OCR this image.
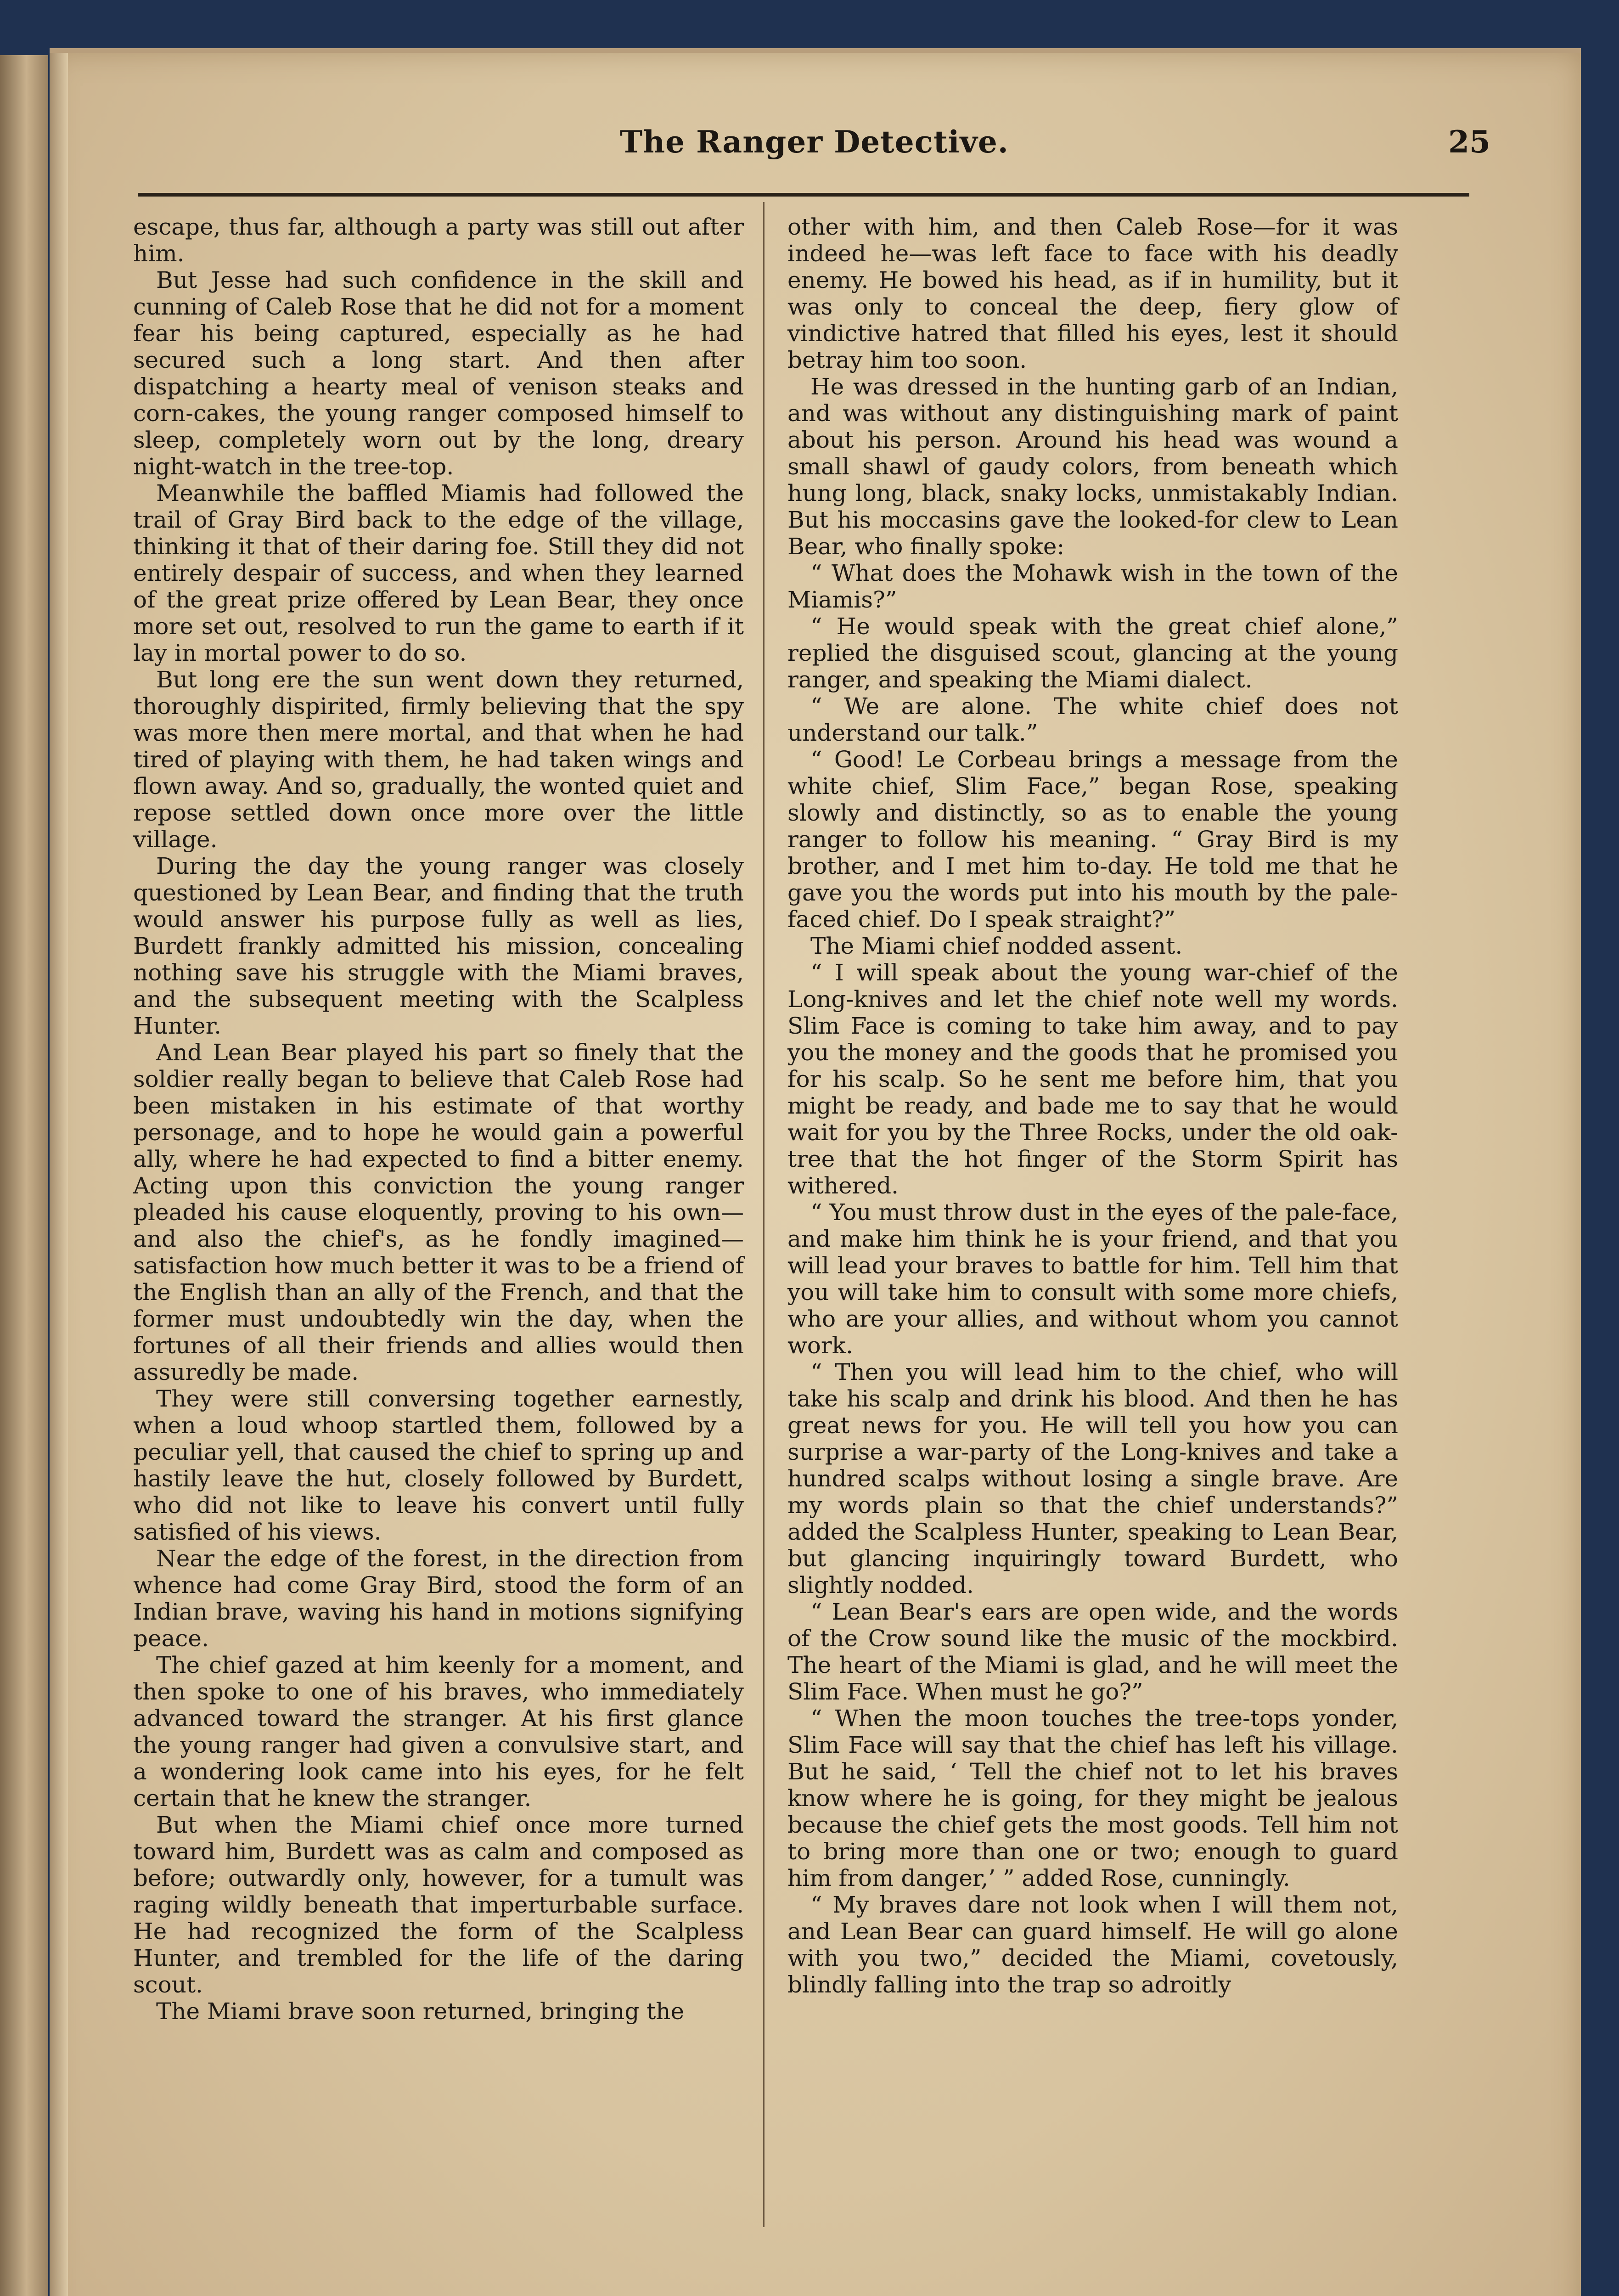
The Ranger Detective.	25

escape, thus far, although a party was still out after him.

But Jesse had such confidence in the skill and cunning of Caleb Rose that he did not for a moment fear his being captured, especially as he had secured such a long start. And then after dispatching a hearty meal of venison steaks and corn-cakes, the young ranger composed himself to sleep, completely worn out by the long, dreary night-watch in the tree-top.

Meanwhile the baffled Miamis had followed the trail of Gray Bird back to the edge of the village, thinking it that of their daring foe. Still they did not entirely despair of success, and when they learned of the great prize offered by Lean Bear, they once more set out, resolved to run the game to earth if it lay in mortal power to do so.

But long ere the sun went down they returned, thoroughly dispirited, firmly believing that the spy was more then mere mortal, and that when he had tired of playing with them, he had taken wings and flown away. And so, gradually, the wonted quiet and repose settled down once more over the little village.

During the day the young ranger was closely questioned by Lean Bear, and finding that the truth would answer his purpose fully as well as lies, Burdett frankly admitted his mission, concealing nothing save his struggle with the Miami braves, and the subsequent meeting with the Scalpless Hunter.

And Lean Bear played his part so finely that the soldier really began to believe that Caleb Rose had been mistaken in his estimate of that worthy personage, and to hope he would gain a powerful ally, where he had expected to find a bitter enemy. Acting upon this conviction the young ranger pleaded his cause eloquently, proving to his own—and also the chief's, as he fondly imagined—satisfaction how much better it was to be a friend of the English than an ally of the French, and that the former must undoubtedly win the day, when the fortunes of all their friends and allies would then assuredly be made.

They were still conversing together earnestly, when a loud whoop startled them, followed by a peculiar yell, that caused the chief to spring up and hastily leave the hut, closely followed by Burdett, who did not like to leave his convert until fully satisfied of his views.

Near the edge of the forest, in the direction from whence had come Gray Bird, stood the form of an Indian brave, waving his hand in motions signifying peace.

The chief gazed at him keenly for a moment, and then spoke to one of his braves, who immediately advanced toward the stranger. At his first glance the young ranger had given a convulsive start, and a wondering look came into his eyes, for he felt certain that he knew the stranger.

But when the Miami chief once more turned toward him, Burdett was as calm and composed as before; outwardly only, however, for a tumult was raging wildly beneath that imperturbable surface. He had recognized the form of the Scalpless Hunter, and trembled for the life of the daring scout.

The Miami brave soon returned, bringing the

other with him, and then Caleb Rose—for it was indeed he—was left face to face with his deadly enemy. He bowed his head, as if in humility, but it was only to conceal the deep, fiery glow of vindictive hatred that filled his eyes, lest it should betray him too soon.

He was dressed in the hunting garb of an Indian, and was without any distinguishing mark of paint about his person. Around his head was wound a small shawl of gaudy colors, from beneath which hung long, black, snaky locks, unmistakably Indian. But his moccasins gave the looked-for clew to Lean Bear, who finally spoke:

“ What does the Mohawk wish in the town of the Miamis?”

“ He would speak with the great chief alone,” replied the disguised scout, glancing at the young ranger, and speaking the Miami dialect.

“ We are alone. The white chief does not understand our talk.”

“ Good! Le Corbeau brings a message from the white chief, Slim Face,” began Rose, speaking slowly and distinctly, so as to enable the young ranger to follow his meaning. “ Gray Bird is my brother, and I met him to-day. He told me that he gave you the words put into his mouth by the pale-faced chief. Do I speak straight?”

The Miami chief nodded assent.

“ I will speak about the young war-chief of the Long-knives and let the chief note well my words. Slim Face is coming to take him away, and to pay you the money and the goods that he promised you for his scalp. So he sent me before him, that you might be ready, and bade me to say that he would wait for you by the Three Rocks, under the old oak-tree that the hot finger of the Storm Spirit has withered.

“ You must throw dust in the eyes of the pale-face, and make him think he is your friend, and that you will lead your braves to battle for him. Tell him that you will take him to consult with some more chiefs, who are your allies, and without whom you cannot work.

“ Then you will lead him to the chief, who will take his scalp and drink his blood. And then he has great news for you. He will tell you how you can surprise a war-party of the Long-knives and take a hundred scalps without losing a single brave. Are my words plain so that the chief understands?” added the Scalpless Hunter, speaking to Lean Bear, but glancing inquiringly toward Burdett, who slightly nodded.

“ Lean Bear's ears are open wide, and the words of the Crow sound like the music of the mockbird. The heart of the Miami is glad, and he will meet the Slim Face. When must he go?”

“ When the moon touches the tree-tops yonder, Slim Face will say that the chief has left his village. But he said, ‘ Tell the chief not to let his braves know where he is going, for they might be jealous because the chief gets the most goods. Tell him not to bring more than one or two; enough to guard him from danger,’ ” added Rose, cunningly.

“ My braves dare not look when I will them not, and Lean Bear can guard himself. He will go alone with you two,” decided the Miami, covetously, blindly falling into the trap so adroitly
